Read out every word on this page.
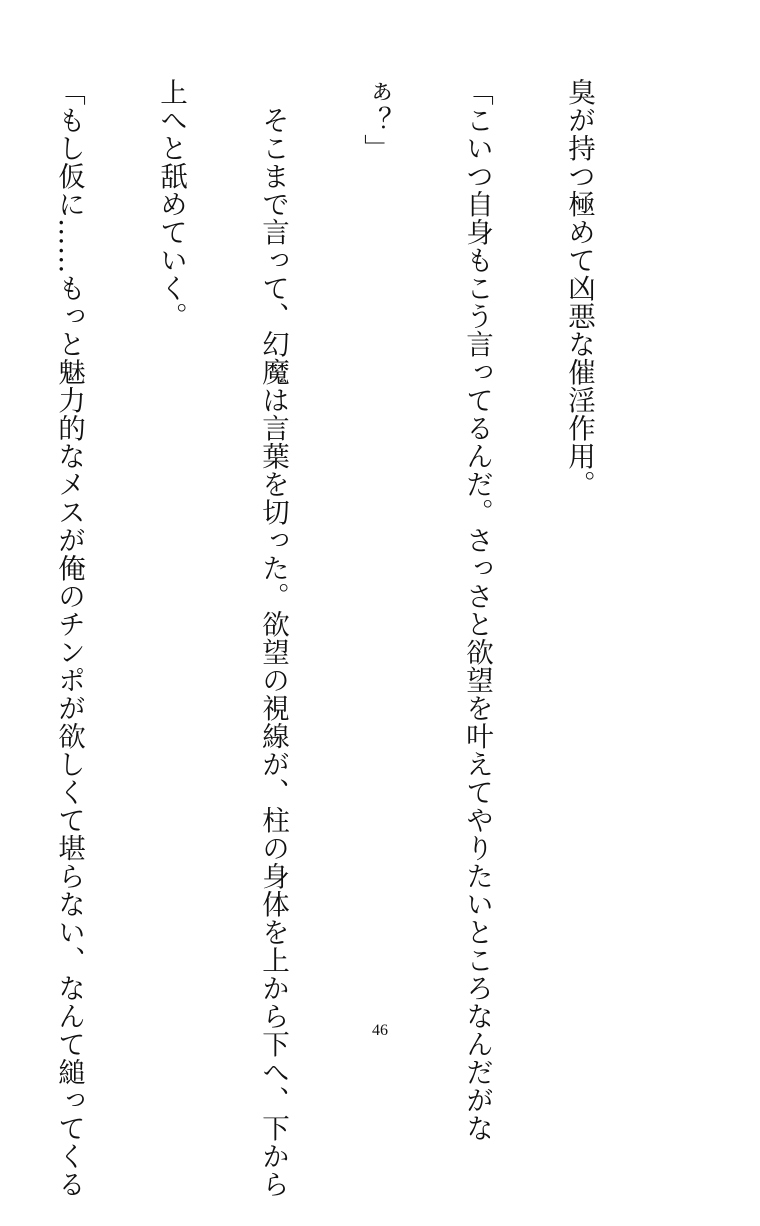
臭が持つ極めて凶悪な催淫作用。

「こいつ自身もこう言ってるんだ。さっさと欲望を叶えてやりたいところなんだがな

ぁ？」

　そこまで言って、幻魔は言葉を切った。欲望の視線が、柱の身体を上から下へ、下から

上へと舐めていく。

「もし仮に……もっと魅力的なメスが俺のチンポが欲しくて堪らない、なんて縋ってくる

	46
